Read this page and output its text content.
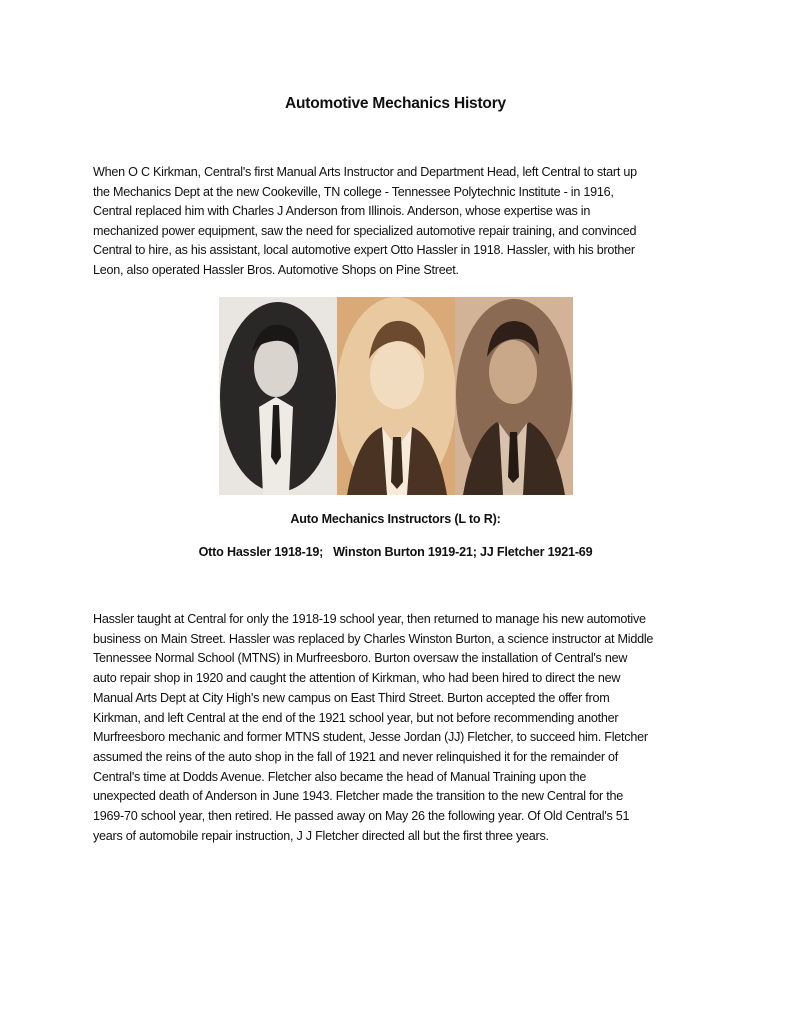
Automotive Mechanics History
When O C Kirkman, Central's first Manual Arts Instructor and Department Head, left Central to start up
the Mechanics Dept at the new Cookeville, TN college - Tennessee Polytechnic Institute - in 1916,
Central replaced him with Charles J Anderson from Illinois. Anderson, whose expertise was in
mechanized power equipment, saw the need for specialized automotive repair training, and convinced
Central to hire, as his assistant, local automotive expert Otto Hassler in 1918. Hassler, with his brother
Leon, also operated Hassler Bros. Automotive Shops on Pine Street.
Auto Mechanics Instructors (L to R):
Otto Hassler 1918-19;   Winston Burton 1919-21; JJ Fletcher 1921-69
Hassler taught at Central for only the 1918-19 school year, then returned to manage his new automotive
business on Main Street. Hassler was replaced by Charles Winston Burton, a science instructor at Middle
Tennessee Normal School (MTNS) in Murfreesboro. Burton oversaw the installation of Central's new
auto repair shop in 1920 and caught the attention of Kirkman, who had been hired to direct the new
Manual Arts Dept at City High's new campus on East Third Street. Burton accepted the offer from
Kirkman, and left Central at the end of the 1921 school year, but not before recommending another
Murfreesboro mechanic and former MTNS student, Jesse Jordan (JJ) Fletcher, to succeed him. Fletcher
assumed the reins of the auto shop in the fall of 1921 and never relinquished it for the remainder of
Central's time at Dodds Avenue. Fletcher also became the head of Manual Training upon the
unexpected death of Anderson in June 1943. Fletcher made the transition to the new Central for the
1969-70 school year, then retired. He passed away on May 26 the following year. Of Old Central's 51
years of automobile repair instruction, J J Fletcher directed all but the first three years.
